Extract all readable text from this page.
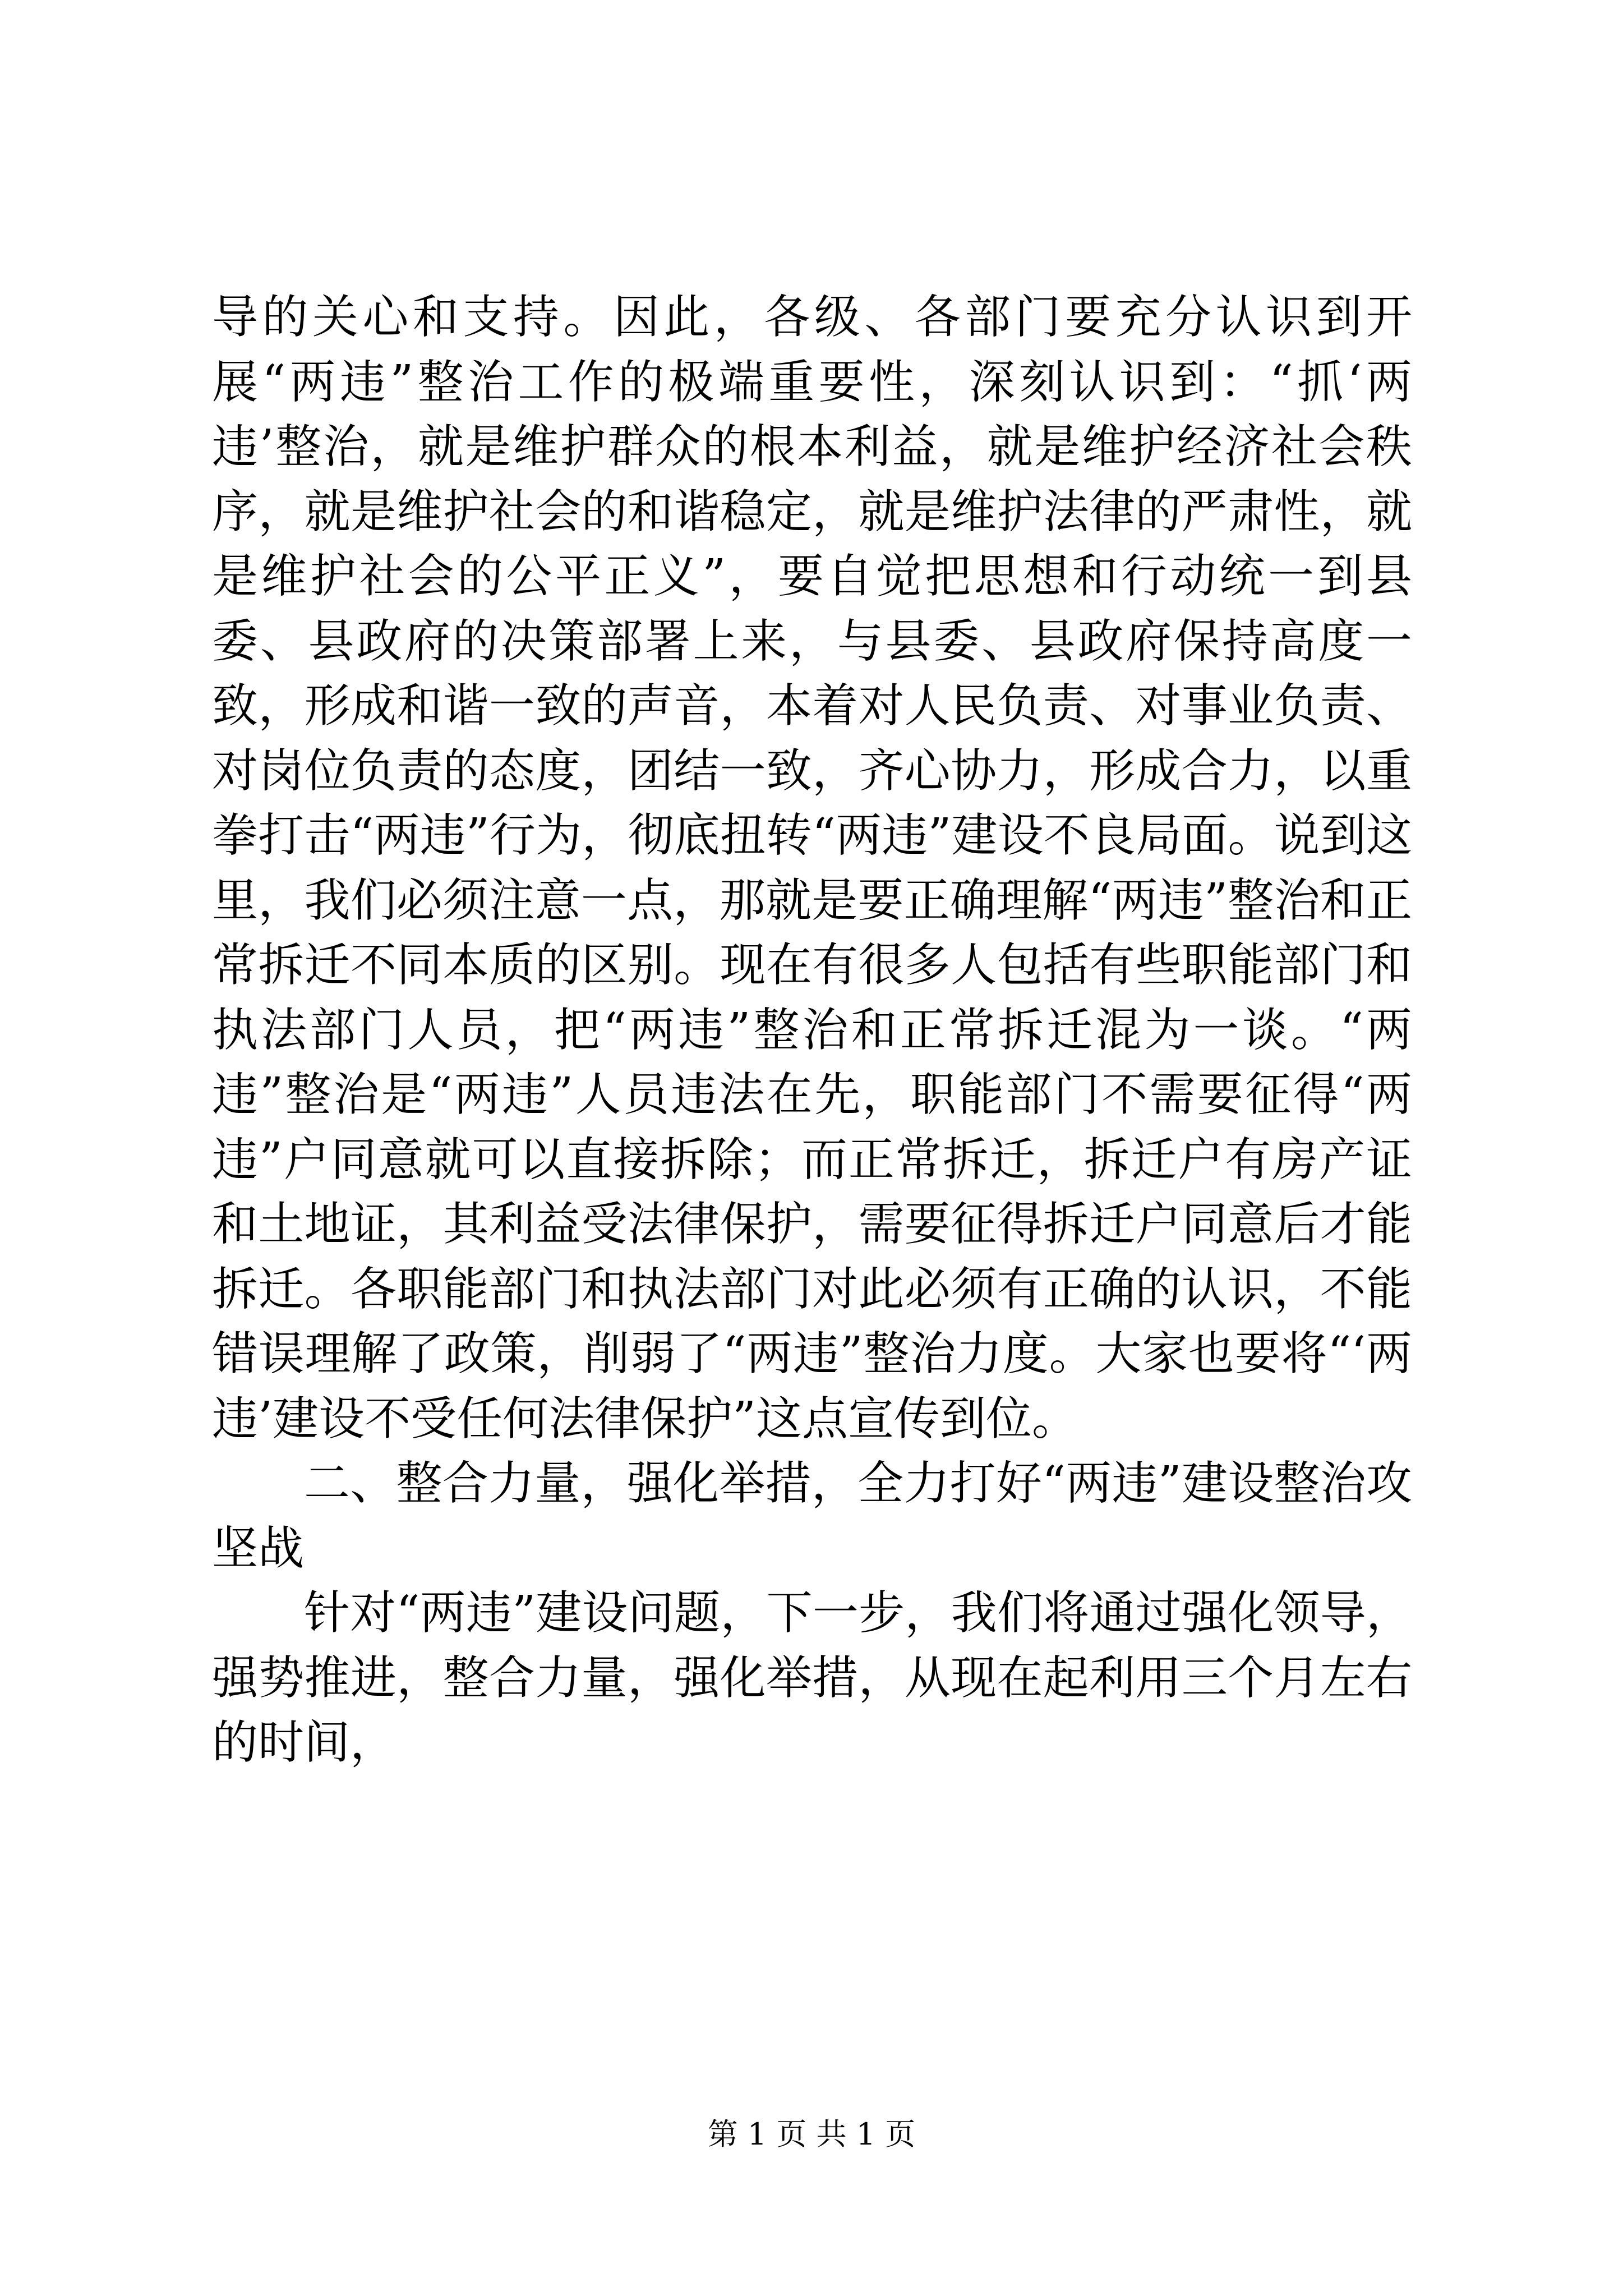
导的关心和支持。因此，各级、各部门要充分认识到开展“两违”整治工作的极端重要性，深刻认识到：“抓‘两违’整治，就是维护群众的根本利益，就是维护经济社会秩序，就是维护社会的和谐稳定，就是维护法律的严肃性，就是维护社会的公平正义”，要自觉把思想和行动统一到县委、县政府的决策部署上来，与县委、县政府保持高度一致，形成和谐一致的声音，本着对人民负责、对事业负责、对岗位负责的态度，团结一致，齐心协力，形成合力，以重拳打击“两违”行为，彻底扭转“两违”建设不良局面。说到这里，我们必须注意一点，那就是要正确理解“两违”整治和正常拆迁不同本质的区别。现在有很多人包括有些职能部门和执法部门人员，把“两违”整治和正常拆迁混为一谈。“两违”整治是“两违”人员违法在先，职能部门不需要征得“两违”户同意就可以直接拆除；而正常拆迁，拆迁户有房产证和土地证，其利益受法律保护，需要征得拆迁户同意后才能拆迁。各职能部门和执法部门对此必须有正确的认识，不能错误理解了政策，削弱了“两违”整治力度。大家也要将“‘两违’建设不受任何法律保护”这点宣传到位。

二、整合力量，强化举措，全力打好“两违”建设整治攻坚战

针对“两违”建设问题，下一步，我们将通过强化领导，强势推进，整合力量，强化举措，从现在起利用三个月左右的时间，

第 1 页 共 1 页
